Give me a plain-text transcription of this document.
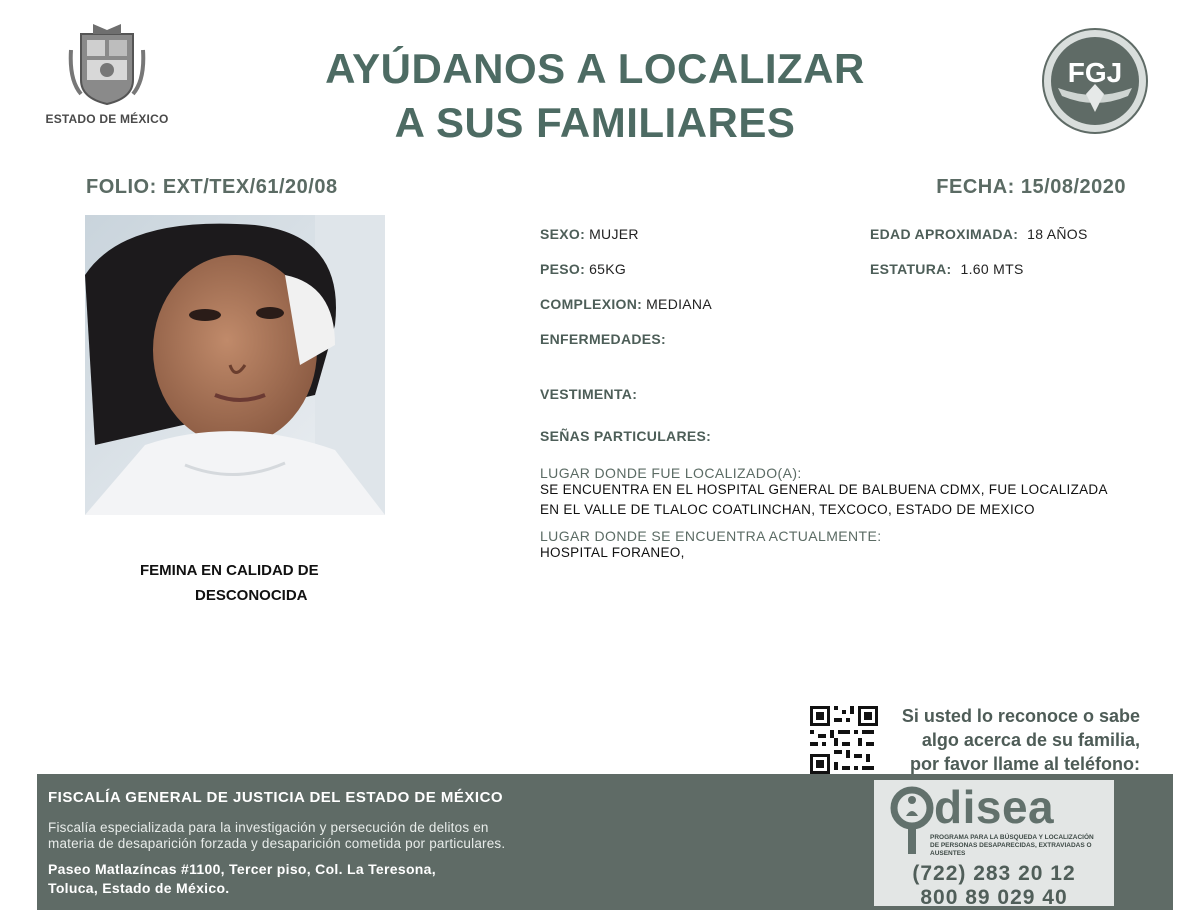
ESTADO DE MÉXICO
AYÚDANOS A LOCALIZAR
A SUS FAMILIARES
FGJ
FOLIO: EXT/TEX/61/20/08	FECHA: 15/08/2020
FEMINA EN CALIDAD DE
DESCONOCIDA
SEXO: MUJER	EDAD APROXIMADA: 18 AÑOS
PESO: 65KG	ESTATURA: 1.60 MTS
COMPLEXION: MEDIANA
ENFERMEDADES:
VESTIMENTA:
SEÑAS PARTICULARES:
LUGAR DONDE FUE LOCALIZADO(A):
SE ENCUENTRA EN EL HOSPITAL GENERAL DE BALBUENA CDMX, FUE LOCALIZADA
EN EL VALLE DE TLALOC COATLINCHAN, TEXCOCO, ESTADO DE MEXICO
LUGAR DONDE SE ENCUENTRA ACTUALMENTE:
HOSPITAL FORANEO,
Si usted lo reconoce o sabe
algo acerca de su familia,
por favor llame al teléfono:
FISCALÍA GENERAL DE JUSTICIA DEL ESTADO DE MÉXICO
Fiscalía especializada para la investigación y persecución de delitos en
materia de desaparición forzada y desaparición cometida por particulares.
Paseo Matlazíncas #1100, Tercer piso, Col. La Teresona,
Toluca, Estado de México.
disea
PROGRAMA PARA LA BÚSQUEDA Y LOCALIZACIÓN
DE PERSONAS DESAPARECIDAS, EXTRAVIADAS O
AUSENTES
(722) 283 20 12
800 89 029 40
